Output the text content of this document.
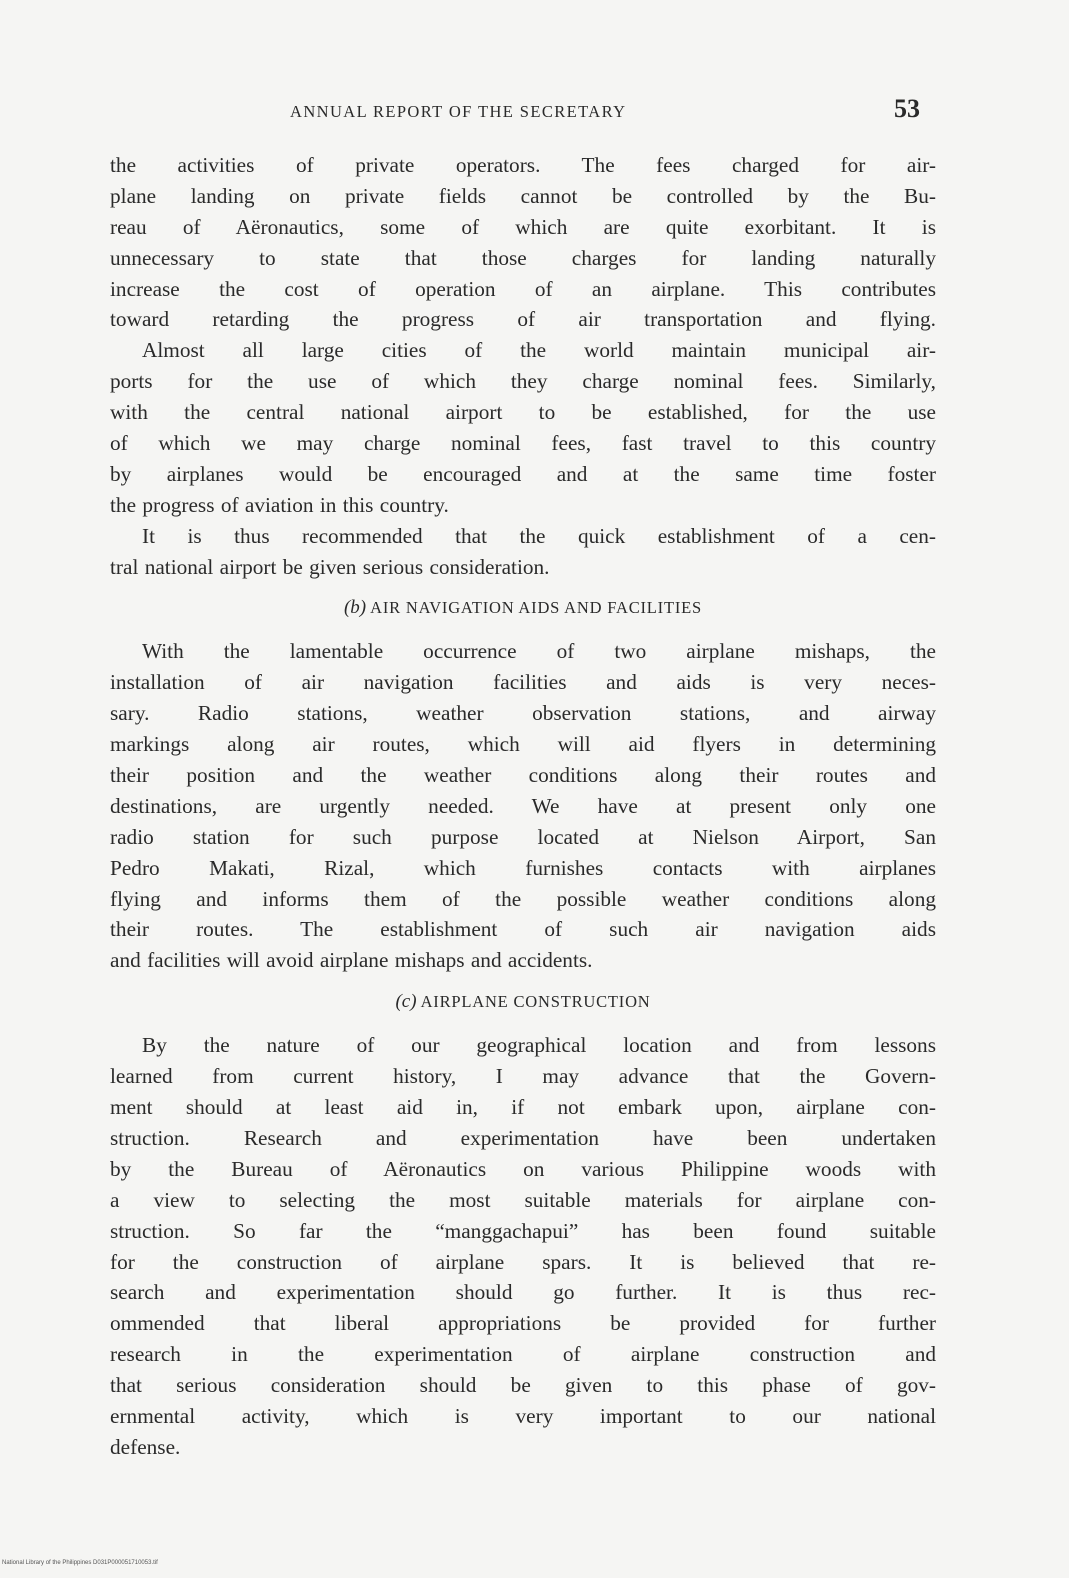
ANNUAL REPORT OF THE SECRETARY	53
the activities of private operators. The fees charged for air-
plane landing on private fields cannot be controlled by the Bu-
reau of Aëronautics, some of which are quite exorbitant. It is
unnecessary to state that those charges for landing naturally
increase the cost of operation of an airplane. This contributes
toward retarding the progress of air transportation and flying.
Almost all large cities of the world maintain municipal air-
ports for the use of which they charge nominal fees. Similarly,
with the central national airport to be established, for the use
of which we may charge nominal fees, fast travel to this country
by airplanes would be encouraged and at the same time foster
the progress of aviation in this country.
It is thus recommended that the quick establishment of a cen-
tral national airport be given serious consideration.
(b) AIR NAVIGATION AIDS AND FACILITIES
With the lamentable occurrence of two airplane mishaps, the
installation of air navigation facilities and aids is very neces-
sary. Radio stations, weather observation stations, and airway
markings along air routes, which will aid flyers in determining
their position and the weather conditions along their routes and
destinations, are urgently needed. We have at present only one
radio station for such purpose located at Nielson Airport, San
Pedro Makati, Rizal, which furnishes contacts with airplanes
flying and informs them of the possible weather conditions along
their routes. The establishment of such air navigation aids
and facilities will avoid airplane mishaps and accidents.
(c) AIRPLANE CONSTRUCTION
By the nature of our geographical location and from lessons
learned from current history, I may advance that the Govern-
ment should at least aid in, if not embark upon, airplane con-
struction. Research and experimentation have been undertaken
by the Bureau of Aëronautics on various Philippine woods with
a view to selecting the most suitable materials for airplane con-
struction. So far the “manggachapui” has been found suitable
for the construction of airplane spars. It is believed that re-
search and experimentation should go further. It is thus rec-
ommended that liberal appropriations be provided for further
research in the experimentation of airplane construction and
that serious consideration should be given to this phase of gov-
ernmental activity, which is very important to our national
defense.
National Library of the Philippines D031P000051710053.tif
